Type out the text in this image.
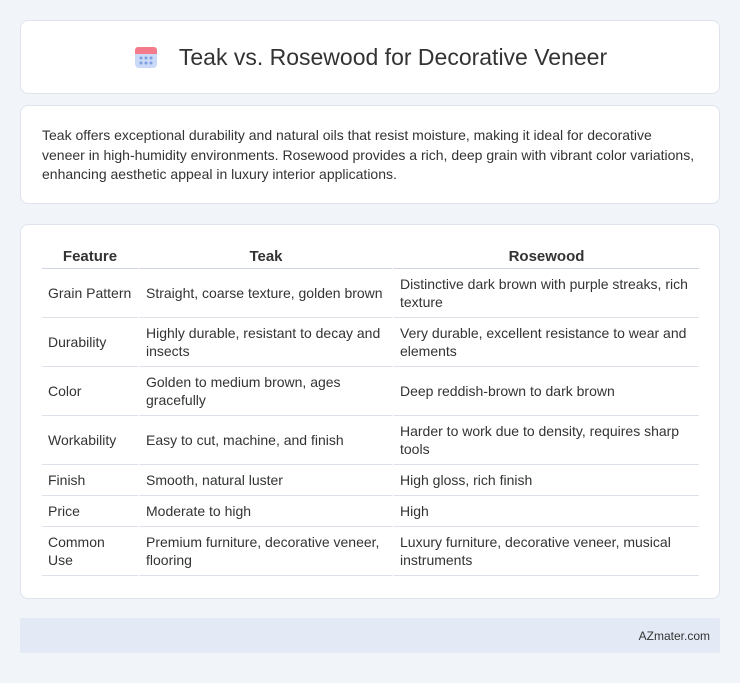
Teak vs. Rosewood for Decorative Veneer

Teak offers exceptional durability and natural oils that resist moisture, making it ideal for decorative veneer in high-humidity environments. Rosewood provides a rich, deep grain with vibrant color variations, enhancing aesthetic appeal in luxury interior applications.

Feature	Teak	Rosewood
Grain Pattern	Straight, coarse texture, golden brown	Distinctive dark brown with purple streaks, rich texture
Durability	Highly durable, resistant to decay and insects	Very durable, excellent resistance to wear and elements
Color	Golden to medium brown, ages gracefully	Deep reddish-brown to dark brown
Workability	Easy to cut, machine, and finish	Harder to work due to density, requires sharp tools
Finish	Smooth, natural luster	High gloss, rich finish
Price	Moderate to high	High
Common Use	Premium furniture, decorative veneer, flooring	Luxury furniture, decorative veneer, musical instruments
AZmater.com
